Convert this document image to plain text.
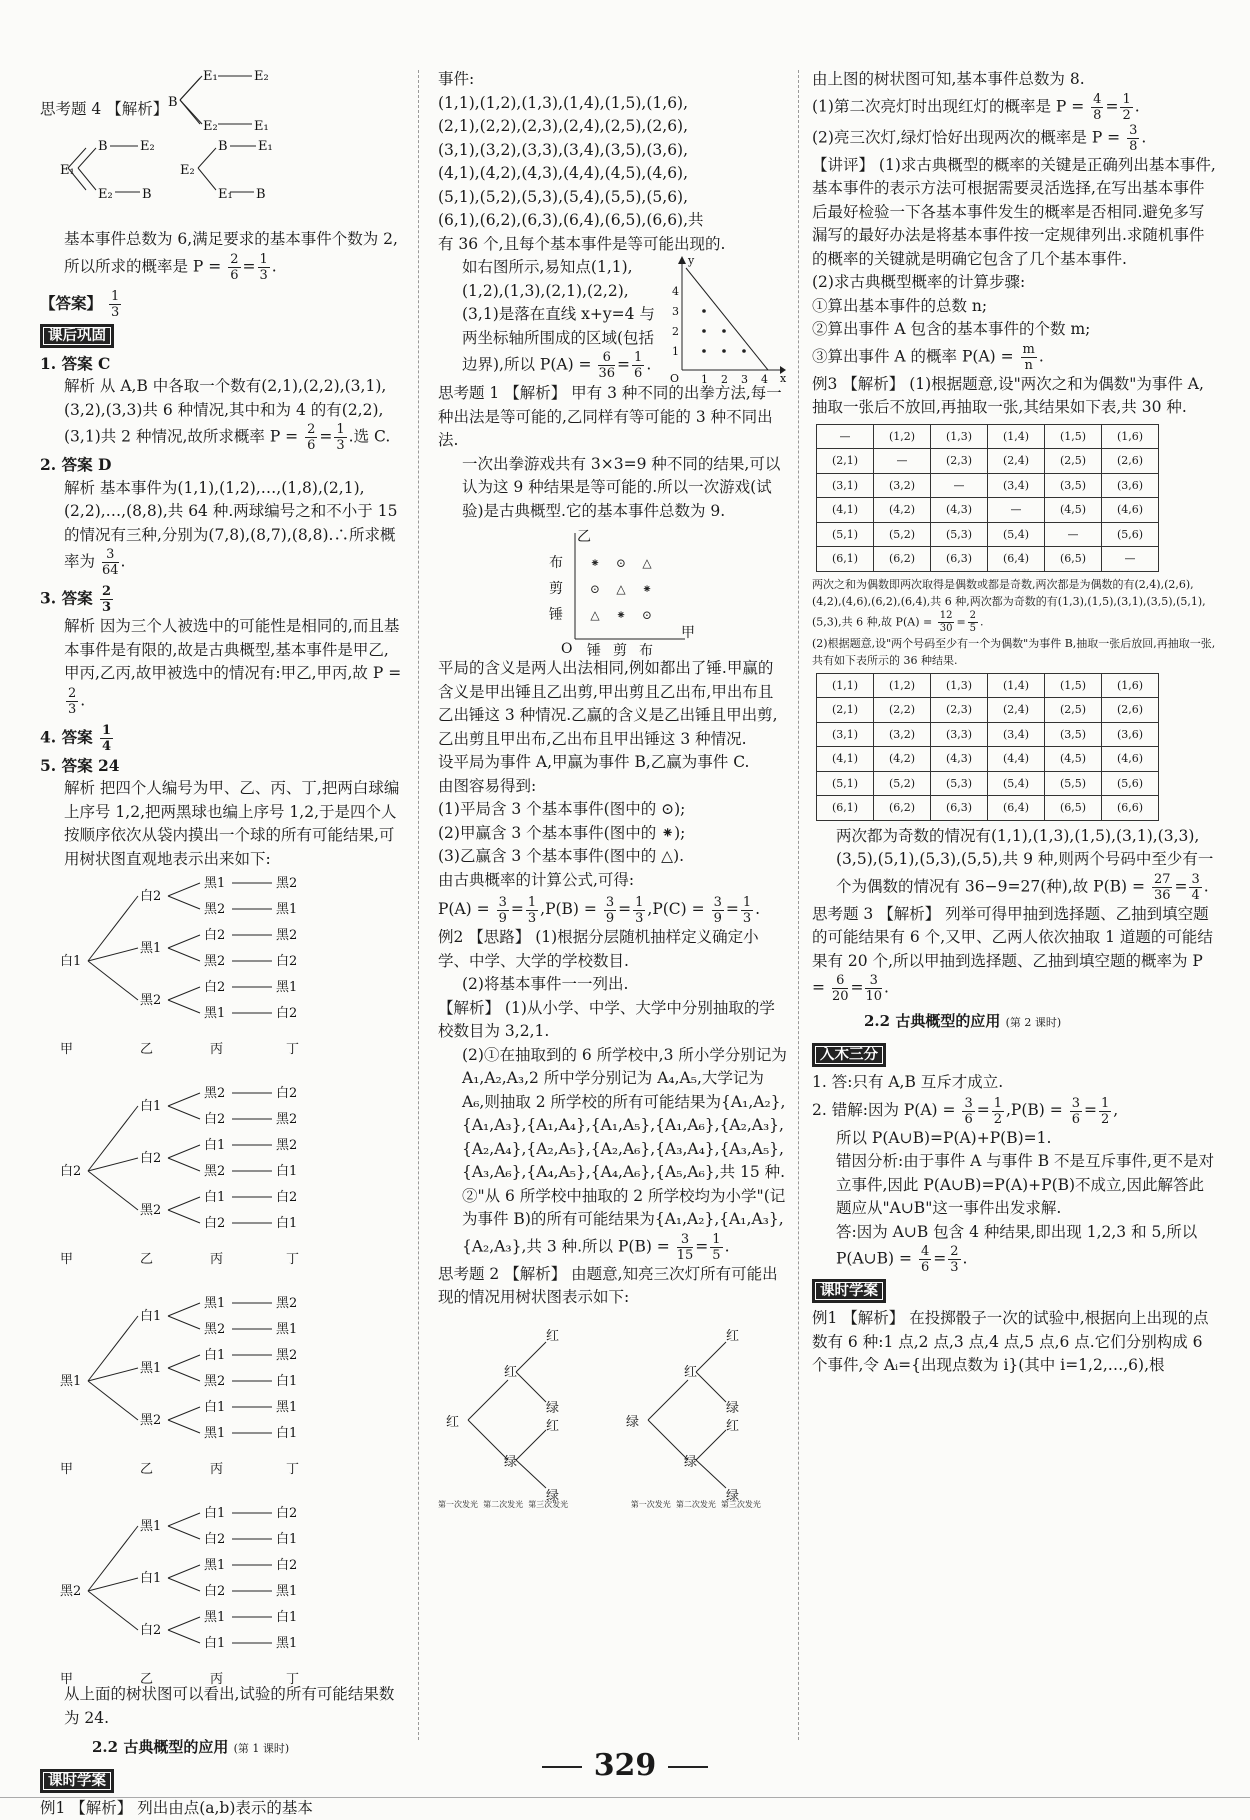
思考题 4 【解析】 B
E₁	E₂
E₂	E₁
E₁
B E₂
E₂ B
E₂
B E₁
E₁ B

基本事件总数为 6,满足要求的基本事件个数为 2,所以所求的概率是 $P = \frac{2}{6} = \frac{1}{3}$ .

【答案】 $\frac{1}{3}$

课后巩固

1. 答案 C

解析 从 A,B 中各取一个数有(2,1),(2,2),(3,1),(3,2),(3,3)共 6 种情况,其中和为 4 的有(2,2),(3,1)共 2 种情况,故所求概率 $P = \frac{2}{6} = \frac{1}{3}$ .选 C.

2. 答案 D

解析 基本事件为(1,1),(1,2),…,(1,8),(2,1),(2,2),…,(8,8),共 64 种.两球编号之和不小于 15 的情况有三种,分别为(7,8),(8,7),(8,8).∴所求概率为 $\frac{3}{64}$ .

3. 答案 $\frac{2}{3}$

解析 因为三个人被选中的可能性是相同的,而且基本事件是有限的,故是古典概型,基本事件是甲乙,甲丙,乙丙,故甲被选中的情况有:甲乙,甲丙,故 P =
$\frac{2}{3}$ .

4. 答案 $\frac{1}{4}$

5. 答案 24

解析 把四个人编号为甲、乙、丙、丁,把两白球编上序号 1,2,把两黑球也编上序号 1,2,于是四个人按顺序依次从袋内摸出一个球的所有可能结果,可用树状图直观地表示出来如下:

白1
白2
黑1	黑2
黑2	黑1
黑1
白2	黑2
黑2	白2
黑2
白2	黑1
黑1	白2
甲	乙	丙	丁
白2
白1
黑2	白2
白2	黑2
白2
白1	黑2
黑2	白1
黑2
白1	白2
白2	白1
甲	乙	丙	丁
黑1
白1
黑1	黑2
黑2	黑1
黑1
白1	黑2
黑2	白1
黑2
白1	黑1
黑1	白1
甲	乙	丙	丁
黑2
黑1
白1	白2
白2	白1
白1
黑1	白2
白2	黑1
白2
黑1	白1
白1	黑1
甲	乙	丙	丁

从上面的树状图可以看出,试验的所有可能结果数为 24.

2.2 古典概型的应用 (第 1 课时)

课时学案

例1 【解析】 列出由点(a,b)表示的基本

事件:

(1,1),(1,2),(1,3),(1,4),(1,5),(1,6),

(2,1),(2,2),(2,3),(2,4),(2,5),(2,6),

(3,1),(3,2),(3,3),(3,4),(3,5),(3,6),

(4,1),(4,2),(4,3),(4,4),(4,5),(4,6),

(5,1),(5,2),(5,3),(5,4),(5,5),(5,6),

(6,1),(6,2),(6,3),(6,4),(6,5),(6,6),共

有 36 个,且每个基本事件是等可能出现的.

y
x
O 1 2 3 4
1
2
3
4

如右图所示,易知点(1,1),(1,2),(1,3),(2,1),(2,2),(3,1)是落在直线 x+y=4 与两坐标轴所围成的区域(包括边界),所以 $P(A) = \frac{6}{36} = \frac{1}{6}$ .

思考题 1 【解析】 甲有 3 种不同的出拳方法,每一种出法是等可能的,乙同样有等可能的 3 种不同出法.

一次出拳游戏共有 3×3=9 种不同的结果,可以认为这 9 种结果是等可能的.所以一次游戏(试验)是古典概型.它的基本事件总数为 9.

乙
甲
O
布
剪
锤
锤 剪 布
⁕ ⊙ △
⊙ △ ⁕
△ ⁕ ⊙

平局的含义是两人出法相同,例如都出了锤.甲赢的含义是甲出锤且乙出剪,甲出剪且乙出布,甲出布且乙出锤这 3 种情况.乙赢的含义是乙出锤且甲出剪,乙出剪且甲出布,乙出布且甲出锤这 3 种情况.

设平局为事件 A,甲赢为事件 B,乙赢为事件 C.

由图容易得到:

(1)平局含 3 个基本事件(图中的 ⊙);

(2)甲赢含 3 个基本事件(图中的 ⁕);

(3)乙赢含 3 个基本事件(图中的 △).

由古典概率的计算公式,可得:

$P(A) = \frac{3}{9} = \frac{1}{3} ,P(B) = \frac{3}{9} = \frac{1}{3} ,P(C) = \frac{3}{9} = \frac{1}{3}$ .

例2 【思路】 (1)根据分层随机抽样定义确定小学、中学、大学的学校数目.

(2)将基本事件一一列出.

【解析】 (1)从小学、中学、大学中分别抽取的学校数目为 3,2,1.

(2)①在抽取到的 6 所学校中,3 所小学分别记为 A₁,A₂,A₃,2 所中学分别记为 A₄,A₅,大学记为 A₆,则抽取 2 所学校的所有可能结果为{A₁,A₂},{A₁,A₃},{A₁,A₄},{A₁,A₅},{A₁,A₆},{A₂,A₃},{A₂,A₄},{A₂,A₅},{A₂,A₆},{A₃,A₄},{A₃,A₅},{A₃,A₆},{A₄,A₅},{A₄,A₆},{A₅,A₆},共 15 种.

②"从 6 所学校中抽取的 2 所学校均为小学"(记为事件 B)的所有可能结果为{A₁,A₂},{A₁,A₃},{A₂,A₃},共 3 种.所以 $P(B) = \frac{3}{15} = \frac{1}{5}$ .

思考题 2 【解析】 由题意,知亮三次灯所有可能出现的情况用树状图表示如下:

红
红
绿
红
绿
红
绿
绿
红
绿
红
绿
红
绿
第一次发光 第二次发光 第三次发光	第一次发光 第二次发光 第三次发光

由上图的树状图可知,基本事件总数为 8.

(1)第二次亮灯时出现红灯的概率是 $P = \frac{4}{8} = \frac{1}{2}$ .

(2)亮三次灯,绿灯恰好出现两次的概率是 $P = \frac{3}{8}$ .

【讲评】 (1)求古典概型的概率的关键是正确列出基本事件,基本事件的表示方法可根据需要灵活选择,在写出基本事件后最好检验一下各基本事件发生的概率是否相同.避免多写漏写的最好办法是将基本事件按一定规律列出.求随机事件的概率的关键就是明确它包含了几个基本事件.

(2)求古典概型概率的计算步骤:

①算出基本事件的总数 n;

②算出事件 A 包含的基本事件的个数 m;

③算出事件 A 的概率 $P(A) = \frac{m}{n}$ .

例3 【解析】 (1)根据题意,设"两次之和为偶数"为事件 A,抽取一张后不放回,再抽取一张,其结果如下表,共 30 种.

—	(1,2)	(1,3)	(1,4)	(1,5)	(1,6)
(2,1)	—	(2,3)	(2,4)	(2,5)	(2,6)
(3,1)	(3,2)	—	(3,4)	(3,5)	(3,6)
(4,1)	(4,2)	(4,3)	—	(4,5)	(4,6)
(5,1)	(5,2)	(5,3)	(5,4)	—	(5,6)
(6,1)	(6,2)	(6,3)	(6,4)	(6,5)	—

两次之和为偶数即两次取得是偶数或都是奇数,两次都是为偶数的有(2,4),(2,6),(4,2),(4,6),(6,2),(6,4),共 6 种,两次都为奇数的有(1,3),(1,5),(3,1),(3,5),(5,1),(5,3),共 6 种,故 $P(A) = \frac{12}{30} = \frac{2}{5}$ .

(2)根据题意,设"两个号码至少有一个为偶数"为事件 B,抽取一张后放回,再抽取一张,共有如下表所示的 36 种结果.

(1,1)	(1,2)	(1,3)	(1,4)	(1,5)	(1,6)
(2,1)	(2,2)	(2,3)	(2,4)	(2,5)	(2,6)
(3,1)	(3,2)	(3,3)	(3,4)	(3,5)	(3,6)
(4,1)	(4,2)	(4,3)	(4,4)	(4,5)	(4,6)
(5,1)	(5,2)	(5,3)	(5,4)	(5,5)	(5,6)
(6,1)	(6,2)	(6,3)	(6,4)	(6,5)	(6,6)

两次都为奇数的情况有(1,1),(1,3),(1,5),(3,1),(3,3),(3,5),(5,1),(5,3),(5,5),共 9 种,则两个号码中至少有一个为偶数的情况有 36−9=27(种),故 $P(B) = \frac{27}{36} = \frac{3}{4}$ .

思考题 3 【解析】 列举可得甲抽到选择题、乙抽到填空题的可能结果有 6 个,又甲、乙两人依次抽取 1 道题的可能结果有 20 个,所以甲抽到选择题、乙抽到填空题的概率为 $P = \frac{6}{20} = \frac{3}{10}$ .

2.2 古典概型的应用 (第 2 课时)

入木三分

1. 答:只有 A,B 互斥才成立.

2. 错解:因为 $P(A) = \frac{3}{6} = \frac{1}{2} ,P(B) = \frac{3}{6} = \frac{1}{2}$ ,

所以 P(A∪B)=P(A)+P(B)=1.

错因分析:由于事件 A 与事件 B 不是互斥事件,更不是对立事件,因此 P(A∪B)=P(A)+P(B)不成立,因此解答此题应从"A∪B"这一事件出发求解.

答:因为 A∪B 包含 4 种结果,即出现 1,2,3 和 5,所以 P(A∪B) = $\frac{4}{6} = \frac{2}{3}$ .

课时学案

例1 【解析】 在投掷骰子一次的试验中,根据向上出现的点数有 6 种:1 点,2 点,3 点,4 点,5 点,6 点.它们分别构成 6 个事件,令 Aᵢ={出现点数为 i}(其中 i=1,2,…,6),根

329
